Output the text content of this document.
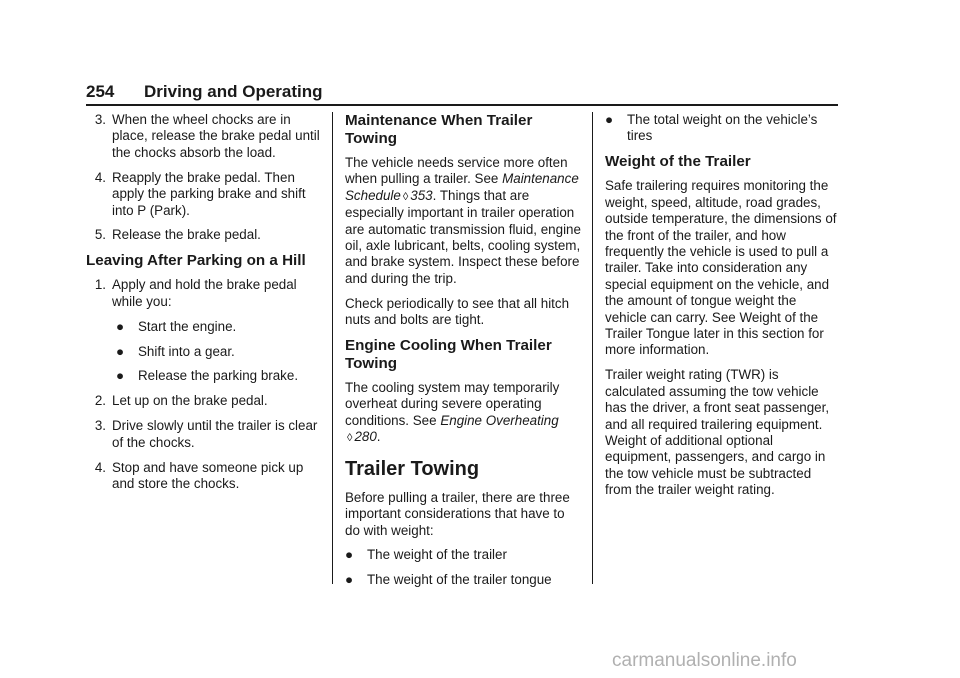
254 Driving and Operating
3. When the wheel chocks are in place, release the brake pedal until the chocks absorb the load.
4. Reapply the brake pedal. Then apply the parking brake and shift into P (Park).
5. Release the brake pedal.
Leaving After Parking on a Hill
1. Apply and hold the brake pedal while you:
●	Start the engine.
●	Shift into a gear.
●	Release the parking brake.
2. Let up on the brake pedal.
3. Drive slowly until the trailer is clear of the chocks.
4. Stop and have someone pick up and store the chocks.
Maintenance When Trailer Towing

The vehicle needs service more often when pulling a trailer. See Maintenance Schedule ◊ 353. Things that are especially important in trailer operation are automatic transmission fluid, engine oil, axle lubricant, belts, cooling system, and brake system. Inspect these before and during the trip.

Check periodically to see that all hitch nuts and bolts are tight.

Engine Cooling When Trailer Towing

The cooling system may temporarily overheat during severe operating conditions. See Engine Overheating ◊ 280.

Trailer Towing

Before pulling a trailer, there are three important considerations that have to do with weight:

●	The weight of the trailer
●	The weight of the trailer tongue
●	The total weight on the vehicle’s tires
Weight of the Trailer

Safe trailering requires monitoring the weight, speed, altitude, road grades, outside temperature, the dimensions of the front of the trailer, and how frequently the vehicle is used to pull a trailer. Take into consideration any special equipment on the vehicle, and the amount of tongue weight the vehicle can carry. See Weight of the Trailer Tongue later in this section for more information.

Trailer weight rating (TWR) is calculated assuming the tow vehicle has the driver, a front seat passenger, and all required trailering equipment. Weight of additional optional equipment, passengers, and cargo in the tow vehicle must be subtracted from the trailer weight rating.

carmanualsonline.info
